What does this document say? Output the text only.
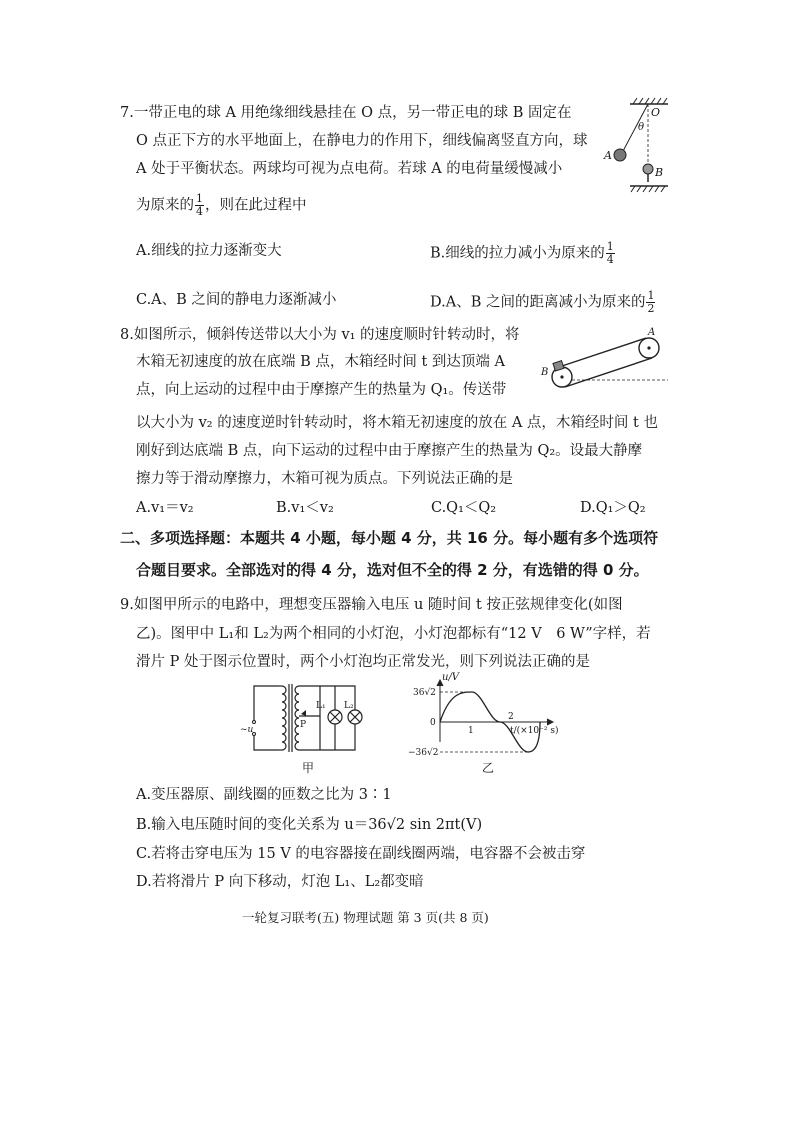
7.一带正电的球 A 用绝缘细线悬挂在 O 点，另一带正电的球 B 固定在
O 点正下方的水平地面上，在静电力的作用下，细线偏离竖直方向，球
A 处于平衡状态。两球均可视为点电荷。若球 A 的电荷量缓慢减小
为原来的 $\frac{1}{4}$ ，则在此过程中
A.细线的拉力逐渐变大	B.细线的拉力减小为原来的 $\frac{1}{4}$
C.A、B 之间的静电力逐渐减小	D.A、B 之间的距离减小为原来的 $\frac{1}{2}$
O
θ
A
B
8.如图所示，倾斜传送带以大小为 v₁ 的速度顺时针转动时，将
木箱无初速度的放在底端 B 点，木箱经时间 t 到达顶端 A
点，向上运动的过程中由于摩擦产生的热量为 Q₁。传送带
以大小为 v₂ 的速度逆时针转动时，将木箱无初速度的放在 A 点，木箱经时间 t 也
刚好到达底端 B 点，向下运动的过程中由于摩擦产生的热量为 Q₂。设最大静摩
擦力等于滑动摩擦力，木箱可视为质点。下列说法正确的是
A.v₁＝v₂	B.v₁＜v₂	C.Q₁＜Q₂	D.Q₁＞Q₂
B
A
二、多项选择题：本题共 4 小题，每小题 4 分，共 16 分。每小题有多个选项符
合题目要求。全部选对的得 4 分，选对但不全的得 2 分，有选错的得 0 分。
9.如图甲所示的电路中，理想变压器输入电压 u 随时间 t 按正弦规律变化(如图
乙)。图甲中 L₁和 L₂为两个相同的小灯泡，小灯泡都标有“12 V　6 W”字样，若
滑片 P 处于图示位置时，两个小灯泡均正常发光，则下列说法正确的是
~u	P
L₁ L₂
甲
u/V
36√2
0
−36√2
1
2
t/(×10⁻² s)
乙
A.变压器原、副线圈的匝数之比为 3∶1
B.输入电压随时间的变化关系为 u＝36√2 sin 2πt(V)
C.若将击穿电压为 15 V 的电容器接在副线圈两端，电容器不会被击穿
D.若将滑片 P 向下移动，灯泡 L₁、L₂都变暗
一轮复习联考(五) 物理试题 第 3 页(共 8 页)
